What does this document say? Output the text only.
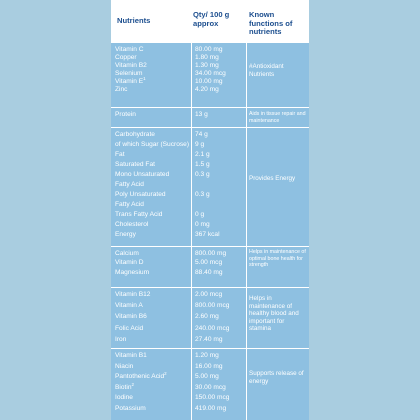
Nutrients
Qty/ 100 g approx
Known functions of nutrients
Vitamin C	80.00 mg
Copper	1.80 mg
Vitamin B2	1.30 mg
Selenium	34.00 mcg
Vitamin $E^1$	10.00 mg
Zinc	4.20 mg
#Antioxidant Nutrients
Protein	13 g	Aids in tissue repair and maintenance
Carbohydrate	74 g
of which Sugar (Sucrose) 9 g
Fat	2.1 g
Saturated Fat	1.5 g
Mono Unsaturated	0.3 g
Fatty Acid
Poly Unsaturated	0.3 g
Fatty Acid
Trans Fatty Acid	0 g
Cholesterol	0 mg
Energy	367 kcal
Provides Energy
Calcium	800.00 mg
Vitamin D	5.00 mcg
Magnesium	88.40 mg
Helps in maintenance of optimal bone health for strength
Vitamin B12	2.00 mcg
Vitamin A	800.00 mcg
Vitamin B6	2.60 mg
Folic Acid	240.00 mcg
Iron	27.40 mg
Helps in maintenance of healthy blood and important for stamina
Vitamin B1	1.20 mg
Niacin	16.00 mg
Pantothenic Acid$^2$	5.00 mg
Biotin$^2$	30.00 mcg
Iodine	150.00 mcg
Potassium	419.00 mg
Supports release of energy
